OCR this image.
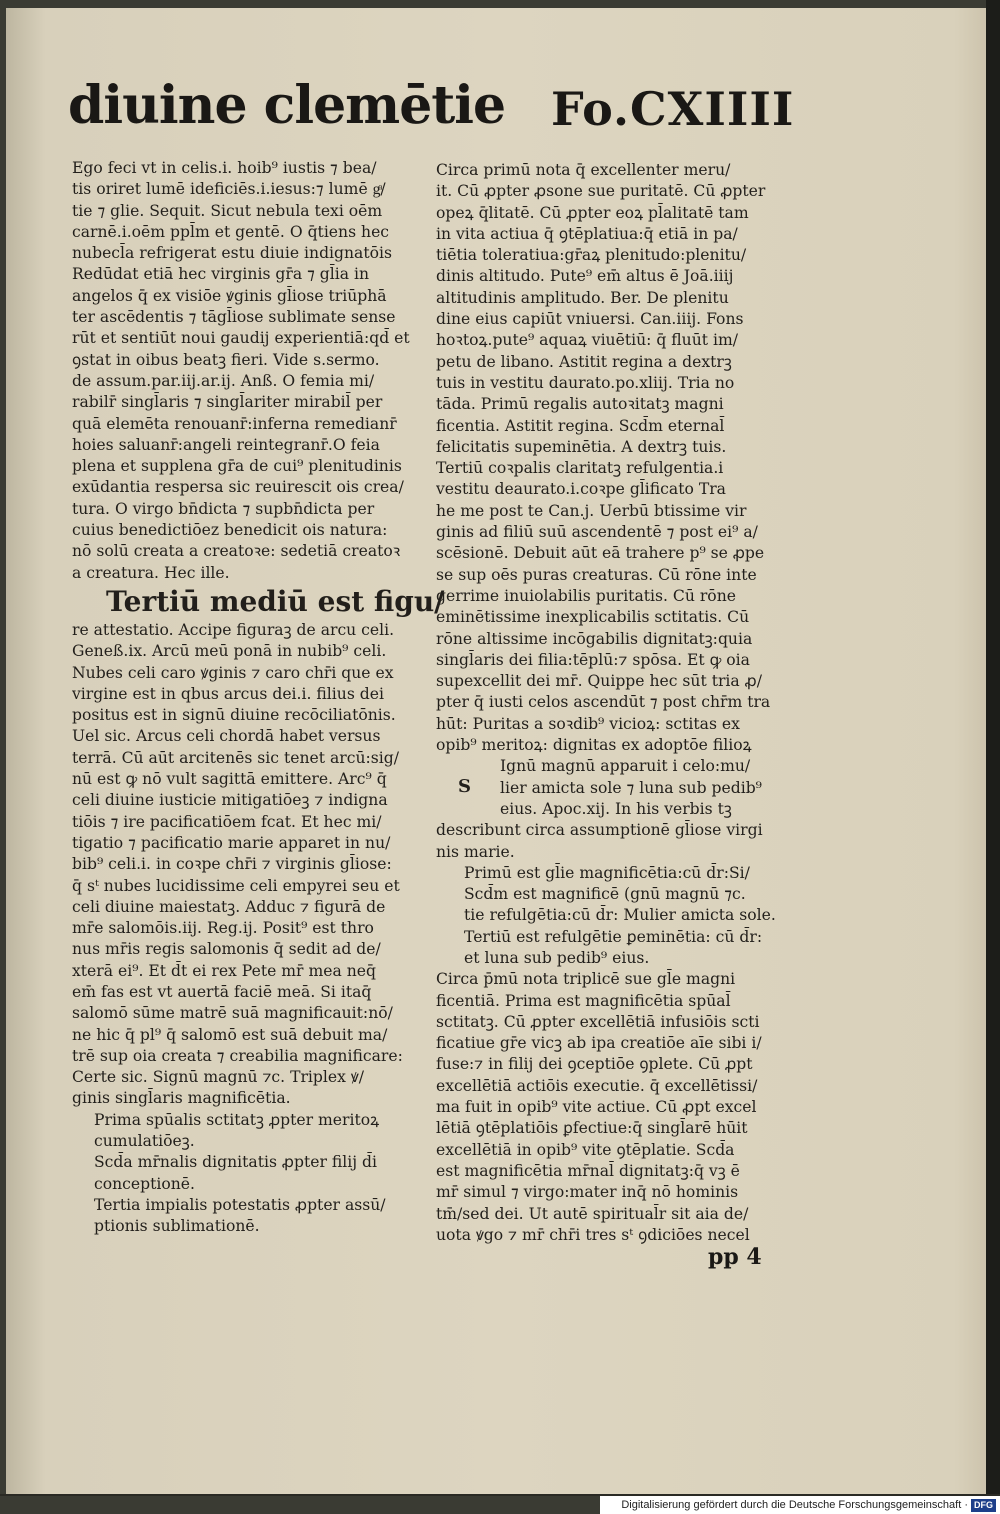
diuine clemētie Fo.CXIIII
Ego feci vt in celis.i. hoib⁹ iustis ⁊ bea/
tis oriret lumē ideficiēs.i.iesus:⁊ lumē gͣ/
tie ⁊ glie. Sequit. Sicut nebula texi oēm
carnē.i.oēm ppl̄m et gentē. O q̄tiens hec
nubecl̄a refrigerat estu diuie indignatōis
Redūdat etiā hec virginis gr̄a ⁊ gl̄ia in
angelos q̄ ex visiōe ꝟginis gl̄iose triūphā
ter ascēdentis ⁊ tāgl̄iose sublimate sense
rūt et sentiūt noui gaudij experientiā:qd̄ et
ꝯstat in oibus beatꝫ fieri. Vide s.sermo.
de assum.par.iij.ar.ij. Anß. O femia mi/
rabilr̄ singl̄aris ⁊ singl̄ariter mirabil̄ per
quā elemēta renouanr̄:inferna remedianr̄
hoies saluanr̄:angeli reintegranr̄.O feia
plena et supplena gr̄a de cui⁹ plenitudinis
exūdantia respersa sic reuirescit ois crea/
tura. O virgo bn̄dicta ⁊ supbn̄dicta per
cuius benedictiōez benedicit ois natura:
nō solū creata a creatoꝛe: sedetiā creatoꝛ
a creatura. Hec ille.
Tertiū mediū est figu/
re attestatio. Accipe figuraꝫ de arcu celi.
Geneß.ix. Arcū meū ponā in nubib⁹ celi.
Nubes celi caro ꝟginis ⁊ caro chr̄i que ex
virgine est in qbus arcus dei.i. filius dei
positus est in signū diuine recōciliatōnis.
Uel sic. Arcus celi chordā habet versus
terrā. Cū aūt arcitenēs sic tenet arcū:sig/
nū est ꝙ nō vult sagittā emittere. Arc⁹ q̄
celi diuine iusticie mitigatiōeꝫ ⁊ indigna
tiōis ⁊ ire pacificatiōem fcat. Et hec mi/
tigatio ⁊ pacificatio marie apparet in nu/
bib⁹ celi.i. in coꝛpe chr̄i ⁊ virginis gl̄iose:
q̄ sᵗ nubes lucidissime celi empyrei seu et
celi diuine maiestatꝫ. Adduc ⁊ figurā de
mr̄e salomōis.iij. Reg.ij. Posit⁹ est thro
nus mr̄is regis salomonis q̄ sedit ad de/
xterā ei⁹. Et d̄t ei rex Pete mr̄ mea neq̄
em̄ fas est vt auertā faciē meā. Si itaq̄
salomō sūme matrē suā magnificauit:nō/
ne hic q̄ pl⁹ q̄ salomō est suā debuit ma/
trē sup oia creata ⁊ creabilia magnificare:
Certe sic. Signū magnū ⁊c. Triplex ꝟ/
ginis singl̄aris magnificētia.
Prima spūalis sctitatꝫ ꝓpter meritoꝝ
cumulatiōeꝫ.
Scd̄a mr̄nalis dignitatis ꝓpter filij d̄i
conceptionē.
Tertia impialis potestatis ꝓpter assū/
ptionis sublimationē.
Circa primū nota q̄ excellenter meru/
it. Cū ꝓpter ꝓsone sue puritatē. Cū ꝓpter
opeꝝ q̄litatē. Cū ꝓpter eoꝝ pl̄alitatē tam
in vita actiua q̄ ꝯtēplatiua:q̄ etiā in pa/
tiētia toleratiua:gr̄aꝝ plenitudo:plenitu/
dinis altitudo. Pute⁹ em̄ altus ē Joā.iiij
altitudinis amplitudo. Ber. De plenitu
dine eius capiūt vniuersi. Can.iiij. Fons
hoꝛtoꝝ.pute⁹ aquaꝝ viuētiū: q̄ fluūt im/
petu de libano. Astitit regina a dextrꝫ
tuis in vestitu daurato.po.xliij. Tria no
tāda. Primū regalis autoꝛitatꝫ magni
ficentia. Astitit regina. Scd̄m eternal̄
felicitatis supeminētia. A dextrꝫ tuis.
Tertiū coꝛpalis claritatꝫ refulgentia.i
vestitu deaurato.i.coꝛpe gl̄ificato Tra
he me post te Can.j. Uerbū btissime vir
ginis ad filiū suū ascendentē ⁊ post ei⁹ a/
scēsionē. Debuit aūt eā trahere p⁹ se ꝓpe
se sup oēs puras creaturas. Cū rōne inte
gerrime inuiolabilis puritatis. Cū rōne
eminētissime inexplicabilis sctitatis. Cū
rōne altissime incōgabilis dignitatꝫ:quia
singl̄aris dei filia:tēplū:⁊ spōsa. Et ꝙ oia
supexcellit dei mr̄. Quippe hec sūt tria ꝓ/
pter q̄ iusti celos ascendūt ⁊ post chr̄m tra
hūt: Puritas a soꝛdib⁹ vicioꝝ: sctitas ex
opib⁹ meritoꝝ: dignitas ex adoptōe filioꝝ
S
Ignū magnū apparuit i celo:mu/
lier amicta sole ⁊ luna sub pedib⁹
eius. Apoc.xij. In his verbis tꝫ
describunt circa assumptionē gl̄iose virgi
nis marie.
Primū est gl̄ie magnificētia:cū d̄r:Si/
Scd̄m est magnificē (gnū magnū ⁊c.
tie refulgētia:cū d̄r: Mulier amicta sole.
Tertiū est refulgētie ꝑeminētia: cū d̄r:
et luna sub pedib⁹ eius.
Circa p̄mū nota triplicē sue gl̄e magni
ficentiā. Prima est magnificētia spūal̄
sctitatꝫ. Cū ꝓpter excellētiā infusiōis scti
ficatiue gr̄e vicꝫ ab ipa creatiōe aīe sibi i/
fuse:⁊ in filij dei ꝯceptiōe ꝯplete. Cū ꝓpt
excellētiā actiōis executie. q̄ excellētissi/
ma fuit in opib⁹ vite actiue. Cū ꝓpt excel
lētiā ꝯtēplatiōis ꝑfectiue:q̄ singl̄arē hūit
excellētiā in opib⁹ vite ꝯtēplatie. Scd̄a
est magnificētia mr̄nal̄ dignitatꝫ:q̄ vꝫ ē
mr̄ simul ⁊ virgo:mater inq̄ nō hominis
tm̄/sed dei. Ut autē spiritual̄r sit aia de/
uota ꝟgo ⁊ mr̄ chr̄i tres sᵗ ꝯdiciōes necel
pp 4
Digitalisierung gefördert durch die Deutsche Forschungsgemeinschaft · DFG
